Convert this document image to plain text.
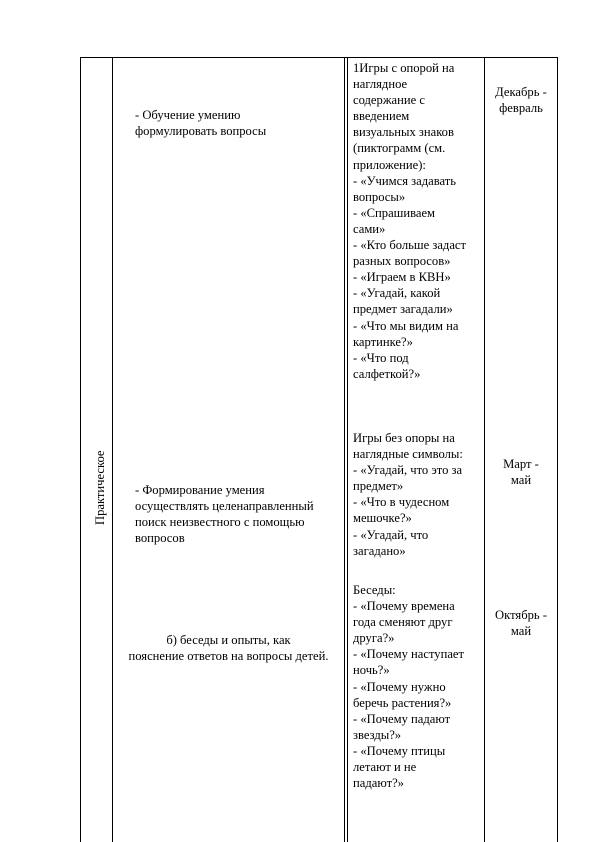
Практическое
- Обучение умению
формулировать вопросы
- Формирование умения
осуществлять целенаправленный
поиск неизвестного с помощью
вопросов
б) беседы и опыты, как
пояснение ответов на вопросы детей.
1Игры с опорой на
наглядное
содержание с
введением
визуальных знаков
(пиктограмм (см.
приложение):
- «Учимся задавать
вопросы»
- «Спрашиваем
сами»
- «Кто больше задаст
разных вопросов»
- «Играем в КВН»
- «Угадай, какой
предмет загадали»
- «Что мы видим на
картинке?»
- «Что под
салфеткой?»
Игры без опоры на
наглядные символы:
- «Угадай, что это за
предмет»
- «Что в чудесном
мешочке?»
- «Угадай, что
загадано»
Беседы:
- «Почему времена
года сменяют друг
друга?»
- «Почему наступает
ночь?»
- «Почему нужно
беречь растения?»
- «Почему падают
звезды?»
- «Почему птицы
летают и не
падают?»
Декабрь -
февраль
Март -
май
Октябрь -
май
